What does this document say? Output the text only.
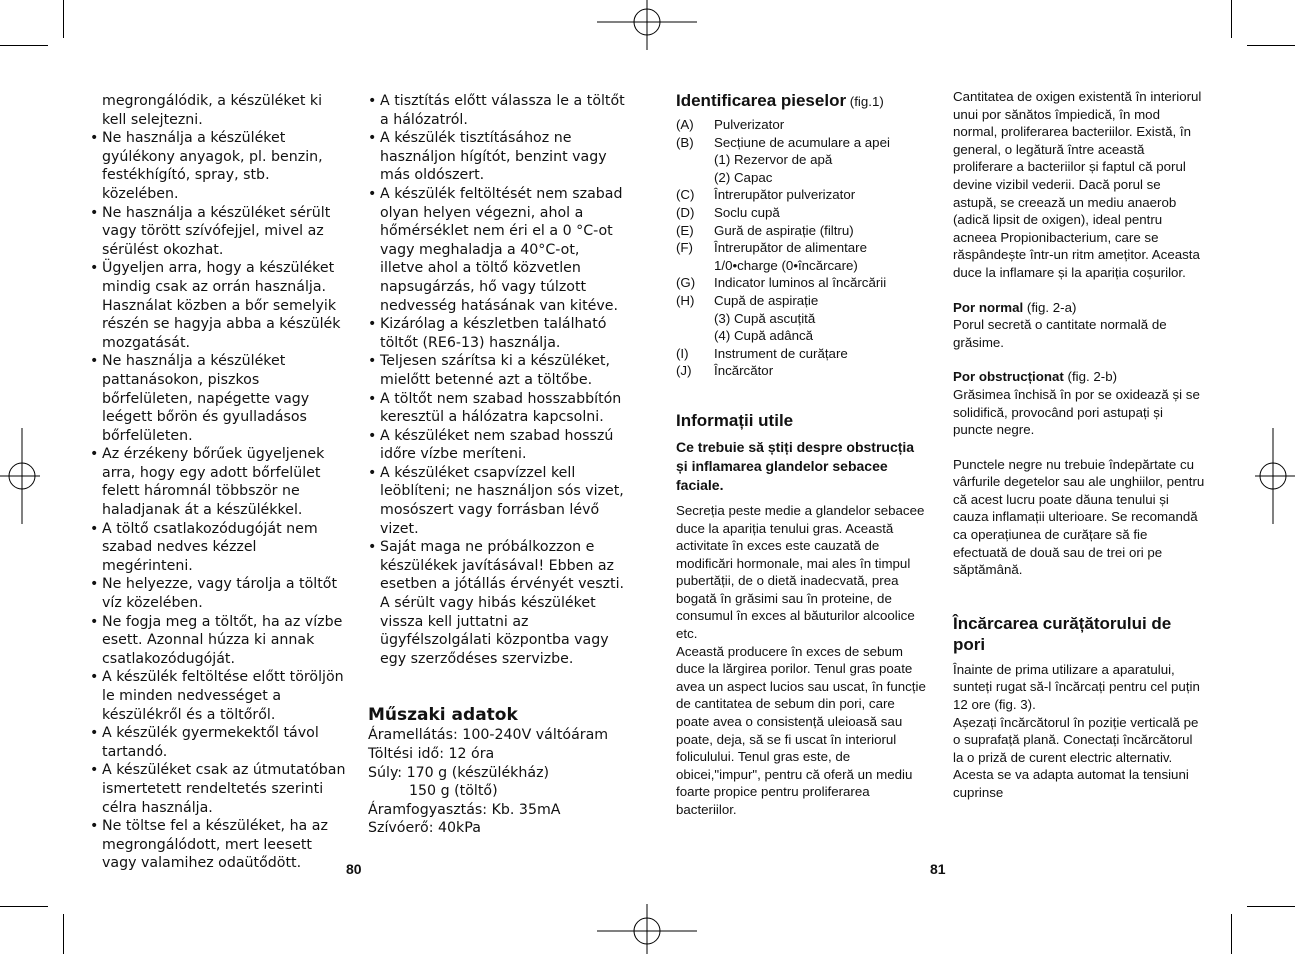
megrongálódik, a készüléket ki kell selejtezni.
• Ne használja a készüléket gyúlékony anyagok, pl. benzin, festékhígító, spray, stb. közelében.
• Ne használja a készüléket sérült vagy törött szívófejjel, mivel az sérülést okozhat.
• Ügyeljen arra, hogy a készüléket mindig csak az orrán használja. Használat közben a bőr semelyik részén se hagyja abba a készülék mozgatását.
• Ne használja a készüléket pattanásokon, piszkos bőrfelületen, napégette vagy leégett bőrön és gyulladásos bőrfelületen.
• Az érzékeny bőrűek ügyeljenek arra, hogy egy adott bőrfelület felett háromnál többször ne haladjanak át a készülékkel.
• A töltő csatlakozódugóját nem szabad nedves kézzel megérinteni.
• Ne helyezze, vagy tárolja a töltőt víz közelében.
• Ne fogja meg a töltőt, ha az vízbe esett. Azonnal húzza ki annak csatlakozódugóját.
• A készülék feltöltése előtt töröljön le minden nedvességet a készülékről és a töltőről.
• A készülék gyermekektől távol tartandó.
• A készüléket csak az útmutatóban ismertetett rendeltetés szerinti célra használja.
• Ne töltse fel a készüléket, ha az megrongálódott, mert leesett vagy valamihez odaütődött.
• A tisztítás előtt válassza le a töltőt a hálózatról.
• A készülék tisztításához ne használjon hígítót, benzint vagy más oldószert.
• A készülék feltöltését nem szabad olyan helyen végezni, ahol a hőmérséklet nem éri el a 0 °C-ot vagy meghaladja a 40°C-ot, illetve ahol a töltő közvetlen napsugárzás, hő vagy túlzott nedvesség hatásának van kitéve.
• Kizárólag a készletben található töltőt (RE6-13) használja.
• Teljesen szárítsa ki a készüléket, mielőtt betenné azt a töltőbe.
• A töltőt nem szabad hosszabbítón keresztül a hálózatra kapcsolni.
• A készüléket nem szabad hosszú időre vízbe meríteni.
• A készüléket csapvízzel kell leöblíteni; ne használjon sós vizet, mosószert vagy forrásban lévő vizet.
• Saját maga ne próbálkozzon e készülékek javításával! Ebben az esetben a jótállás érvényét veszti. A sérült vagy hibás készüléket vissza kell juttatni az ügyfélszolgálati központba vagy egy szerződéses szervizbe.
Műszaki adatok
Áramellátás: 100-240V váltóáram
Töltési idő: 12 óra
Súly: 170 g (készülékház)
150 g (töltő)
Áramfogyasztás: Kb. 35mA
Szívóerő: 40kPa
80
Identificarea pieselor (fig.1)
(A)	Pulverizator
(B)	Secțiune de acumulare a apei
	(1) Rezervor de apă
	(2) Capac
(C)	Întrerupător pulverizator
(D)	Soclu cupă
(E)	Gură de aspirație (filtru)
(F)	Întrerupător de alimentare
	1/0•charge (0•încărcare)
(G)	Indicator luminos al încărcării
(H)	Cupă de aspirație
	(3) Cupă ascuțită
	(4) Cupă adâncă
(I)	Instrument de curățare
(J)	Încărcător
Informații utile

Ce trebuie să știți despre obstrucția și inflamarea glandelor sebacee faciale.

Secreția peste medie a glandelor sebacee duce la apariția tenului gras. Această activitate în exces este cauzată de modificări hormonale, mai ales în timpul pubertății, de o dietă inadecvată, prea bogată în grăsimi sau în proteine, de consumul în exces al băuturilor alcoolice etc.

Această producere în exces de sebum duce la lărgirea porilor. Tenul gras poate avea un aspect lucios sau uscat, în funcție de cantitatea de sebum din pori, care poate avea o consistență uleioasă sau poate, deja, să se fi uscat în interiorul foliculului. Tenul gras este, de obicei,"impur", pentru că oferă un mediu foarte propice pentru proliferarea bacteriilor.

Cantitatea de oxigen existentă în interiorul unui por sănătos împiedică, în mod normal, proliferarea bacteriilor. Există, în general, o legătură între această proliferare a bacteriilor și faptul că porul devine vizibil vederii. Dacă porul se astupă, se creează un mediu anaerob (adică lipsit de oxigen), ideal pentru acneea Propionibacterium, care se răspândește într-un ritm amețitor. Aceasta duce la inflamare și la apariția coșurilor.

Por normal (fig. 2-a)

Porul secretă o cantitate normală de grăsime.

Por obstrucționat (fig. 2-b)

Grăsimea închisă în por se oxidează și se solidifică, provocând pori astupați și puncte negre.

Punctele negre nu trebuie îndepărtate cu vârfurile degetelor sau ale unghiilor, pentru că acest lucru poate dăuna tenului și cauza inflamații ulterioare. Se recomandă ca operațiunea de curățare să fie efectuată de două sau de trei ori pe săptămână.

Încărcarea curățătorului de pori

Înainte de prima utilizare a aparatului, sunteți rugat să-l încărcați pentru cel puțin 12 ore (fig. 3).

Așezați încărcătorul în poziție verticală pe o suprafață plană. Conectați încărcătorul la o priză de curent electric alternativ. Acesta se va adapta automat la tensiuni cuprinse

81
